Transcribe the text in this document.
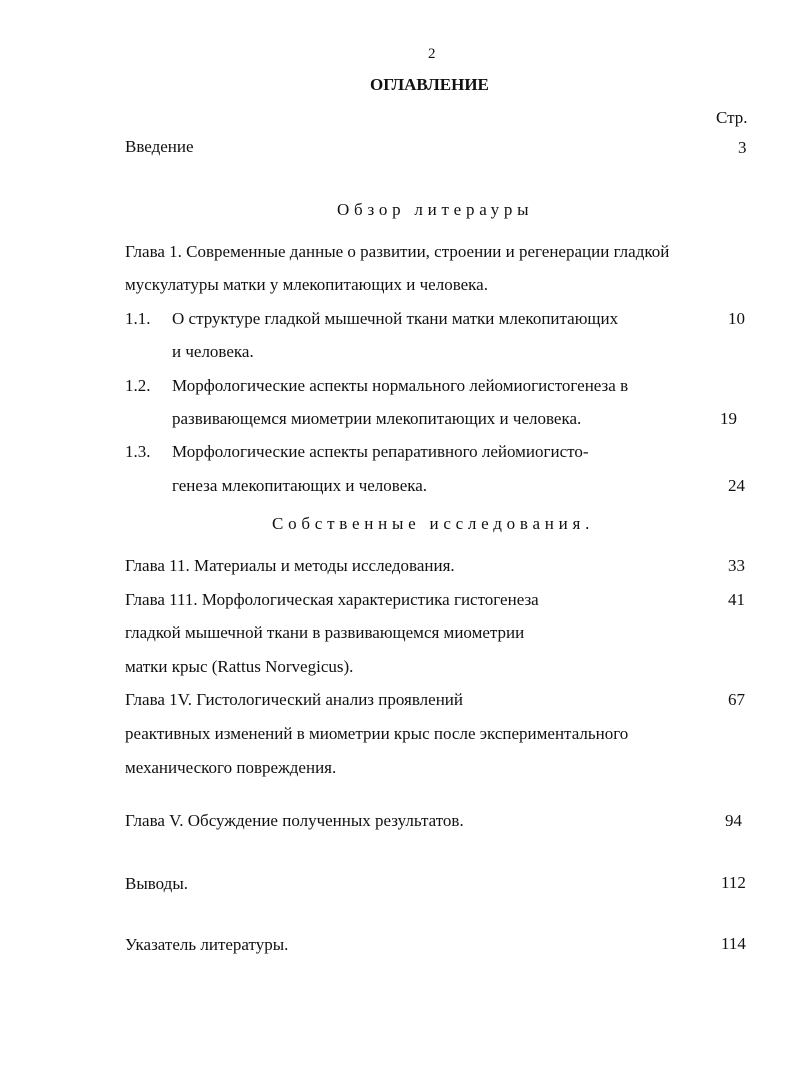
2
ОГЛАВЛЕНИЕ
Стр.
Введение	3
Обзор литерауры
Глава 1. Современные данные о развитии, строении и регенерации гладкой
мускулатуры матки у млекопитающих и человека.
1.1. О структуре гладкой мышечной ткани матки млекопитающих	10
и человека.
1.2. Морфологические аспекты нормального лейомиогистогенеза в
развивающемся миометрии млекопитающих и человека.	19
1.3. Морфологические аспекты репаративного лейомиогисто-
генеза млекопитающих и человека.	24
Собственные исследования.
Глава 11. Материалы и методы исследования.	33
Глава 111. Морфологическая характеристика гистогенеза	41
гладкой мышечной ткани в развивающемся миометрии
матки крыс (Rattus Norvegicus).
Глава 1V. Гистологический анализ проявлений	67
реактивных изменений в миометрии крыс после экспериментального
механического повреждения.
Глава V. Обсуждение полученных результатов.	94
Выводы.	112
Указатель литературы.	114
